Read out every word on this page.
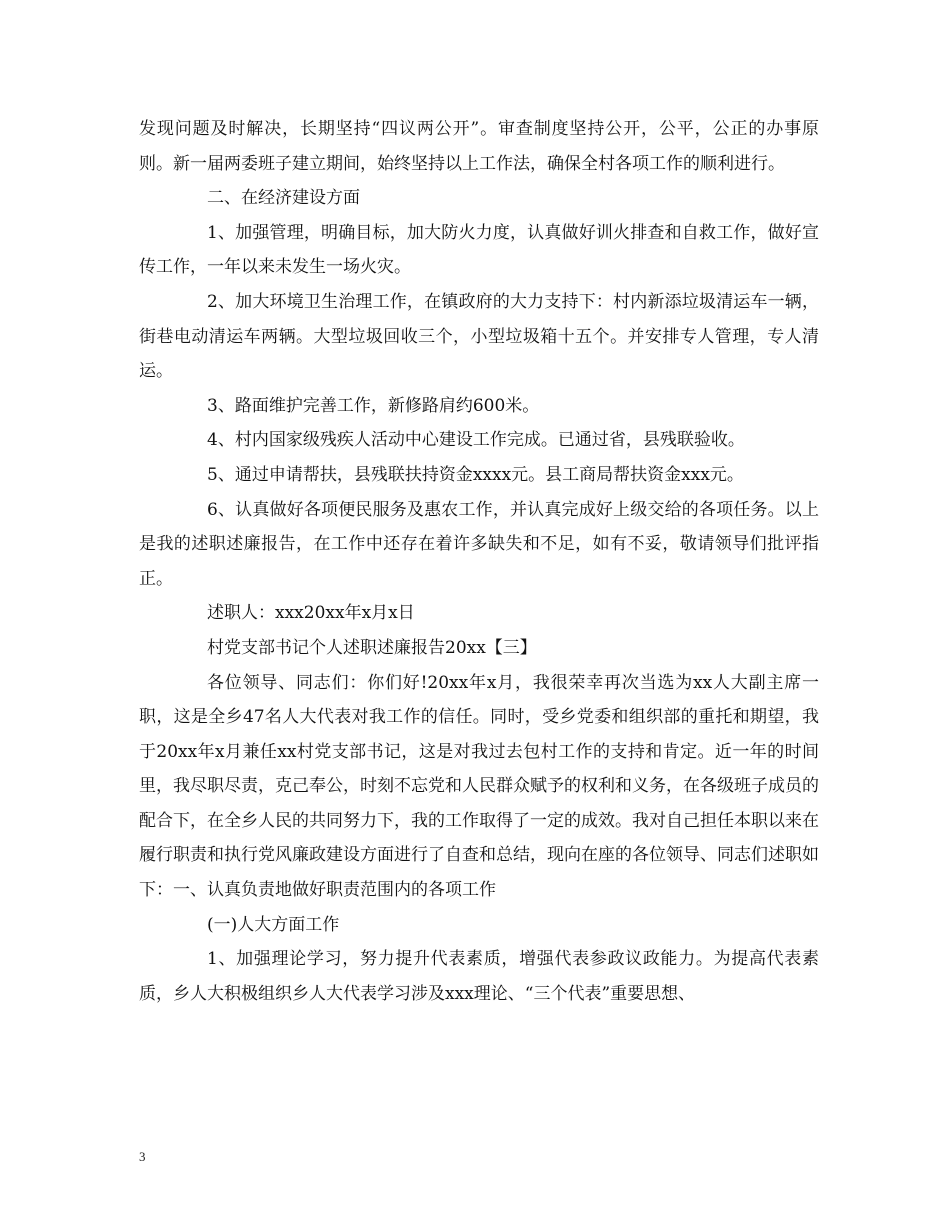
发现问题及时解决，长期坚持“四议两公开”。审查制度坚持公开，公平，公正的办事原则。新一届两委班子建立期间，始终坚持以上工作法，确保全村各项工作的顺利进行。

二、在经济建设方面

1、加强管理，明确目标，加大防火力度，认真做好训火排查和自救工作，做好宣传工作，一年以来未发生一场火灾。

2、加大环境卫生治理工作，在镇政府的大力支持下：村内新添垃圾清运车一辆，街巷电动清运车两辆。大型垃圾回收三个，小型垃圾箱十五个。并安排专人管理，专人清运。

3、路面维护完善工作，新修路肩约600米。

4、村内国家级残疾人活动中心建设工作完成。已通过省，县残联验收。

5、通过申请帮扶，县残联扶持资金xxxx元。县工商局帮扶资金xxx元。

6、认真做好各项便民服务及惠农工作，并认真完成好上级交给的各项任务。以上是我的述职述廉报告，在工作中还存在着许多缺失和不足，如有不妥，敬请领导们批评指正。

述职人：xxx20xx年x月x日

村党支部书记个人述职述廉报告20xx【三】

各位领导、同志们：你们好!20xx年x月，我很荣幸再次当选为xx人大副主席一职，这是全乡47名人大代表对我工作的信任。同时，受乡党委和组织部的重托和期望，我于20xx年x月兼任xx村党支部书记，这是对我过去包村工作的支持和肯定。近一年的时间里，我尽职尽责，克己奉公，时刻不忘党和人民群众赋予的权利和义务，在各级班子成员的配合下，在全乡人民的共同努力下，我的工作取得了一定的成效。我对自己担任本职以来在履行职责和执行党风廉政建设方面进行了自查和总结，现向在座的各位领导、同志们述职如下：一、认真负责地做好职责范围内的各项工作

(一)人大方面工作

1、加强理论学习，努力提升代表素质，增强代表参政议政能力。为提高代表素质，乡人大积极组织乡人大代表学习涉及xxx理论、“三个代表”重要思想、

3
